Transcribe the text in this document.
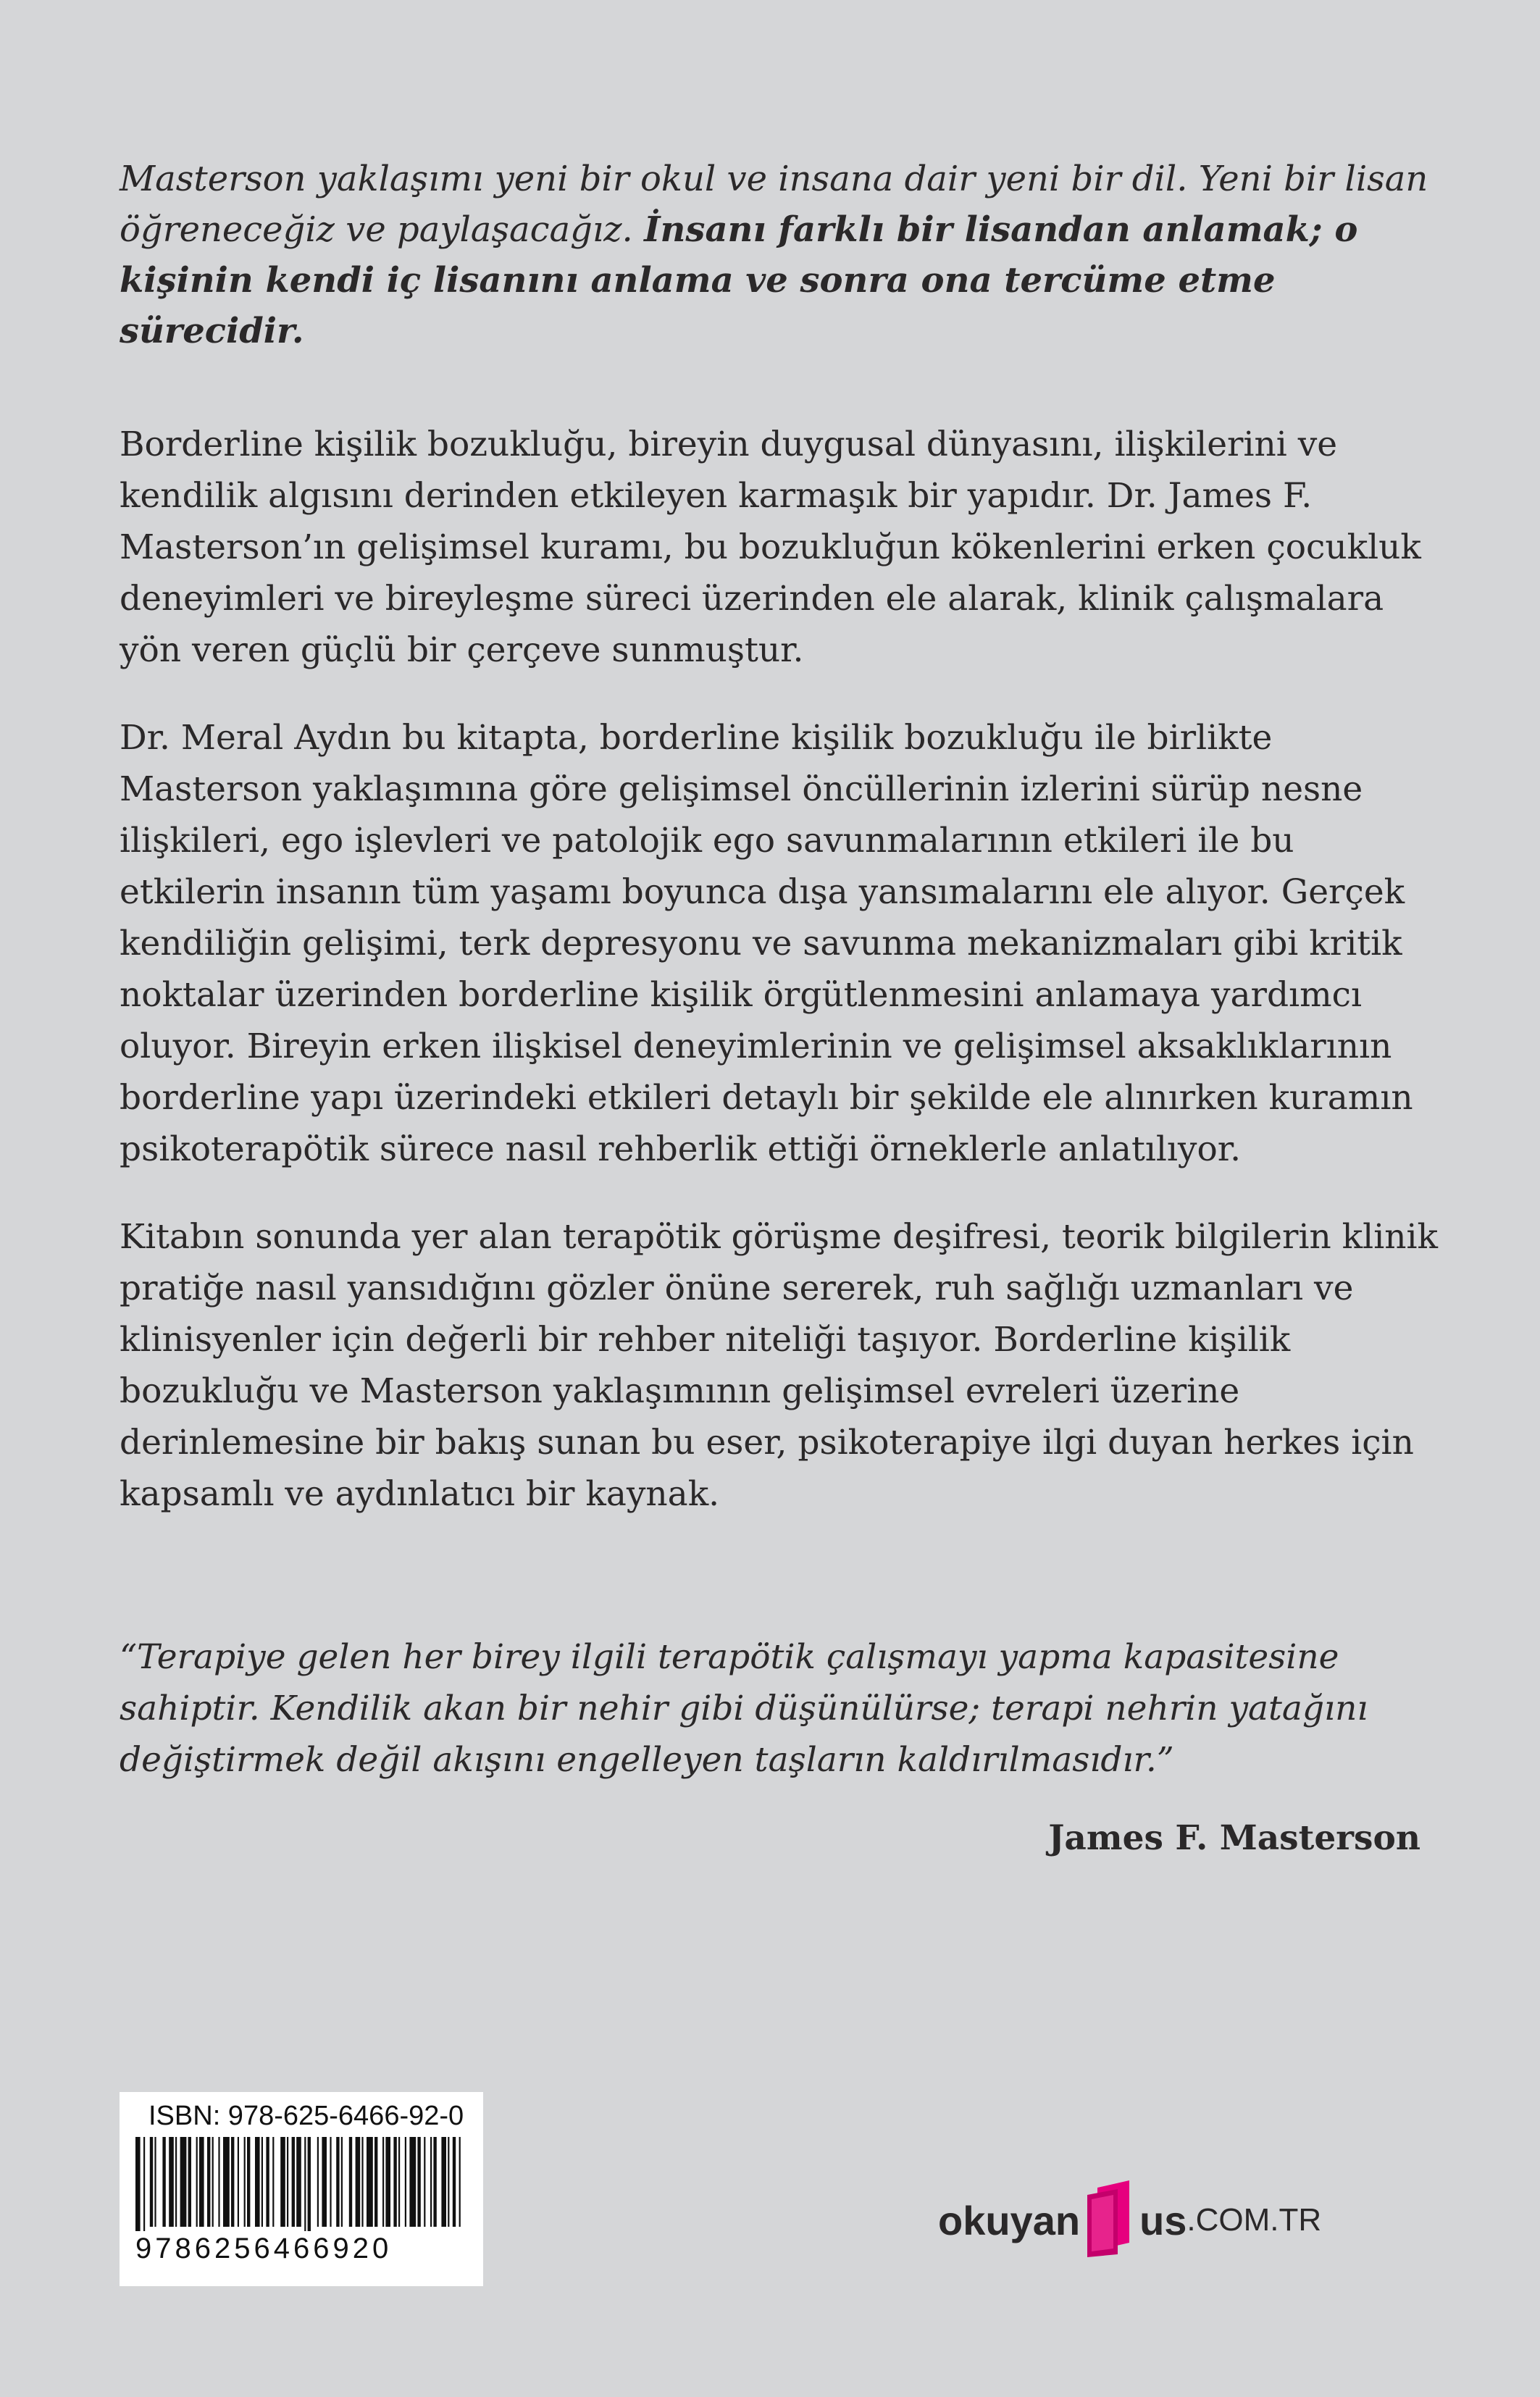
Masterson yaklaşımı yeni bir okul ve insana dair yeni bir dil. Yeni bir lisan öğreneceğiz ve paylaşacağız. İnsanı farklı bir lisandan anlamak; o kişinin kendi iç lisanını anlama ve sonra ona tercüme etme sürecidir.

Borderline kişilik bozukluğu, bireyin duygusal dünyasını, ilişkilerini ve kendilik algısını derinden etkileyen karmaşık bir yapıdır. Dr. James F. Masterson’ın gelişimsel kuramı, bu bozukluğun kökenlerini erken çocukluk deneyimleri ve bireyleşme süreci üzerinden ele alarak, klinik çalışmalara yön veren güçlü bir çerçeve sunmuştur.

Dr. Meral Aydın bu kitapta, borderline kişilik bozukluğu ile birlikte Masterson yaklaşımına göre gelişimsel öncüllerinin izlerini sürüp nesne ilişkileri, ego işlevleri ve patolojik ego savunmalarının etkileri ile bu etkilerin insanın tüm yaşamı boyunca dışa yansımalarını ele alıyor. Gerçek kendiliğin gelişimi, terk depresyonu ve savunma mekanizmaları gibi kritik noktalar üzerinden borderline kişilik örgütlenmesini anlamaya yardımcı oluyor. Bireyin erken ilişkisel deneyimlerinin ve gelişimsel aksaklıklarının borderline yapı üzerindeki etkileri detaylı bir şekilde ele alınırken kuramın psikoterapötik sürece nasıl rehberlik ettiği örneklerle anlatılıyor.

Kitabın sonunda yer alan terapötik görüşme deşifresi, teorik bilgilerin klinik pratiğe nasıl yansıdığını gözler önüne sererek, ruh sağlığı uzmanları ve klinisyenler için değerli bir rehber niteliği taşıyor. Borderline kişilik bozukluğu ve Masterson yaklaşımının gelişimsel evreleri üzerine derinlemesine bir bakış sunan bu eser, psikoterapiye ilgi duyan herkes için kapsamlı ve aydınlatıcı bir kaynak.

“Terapiye gelen her birey ilgili terapötik çalışmayı yapma kapasitesine sahiptir. Kendilik akan bir nehir gibi düşünülürse; terapi nehrin yatağını değiştirmek değil akışını engelleyen taşların kaldırılmasıdır.”

James F. Masterson

ISBN: 978-625-6466-92-0
9786256466920
okuyan us .COM.TR
